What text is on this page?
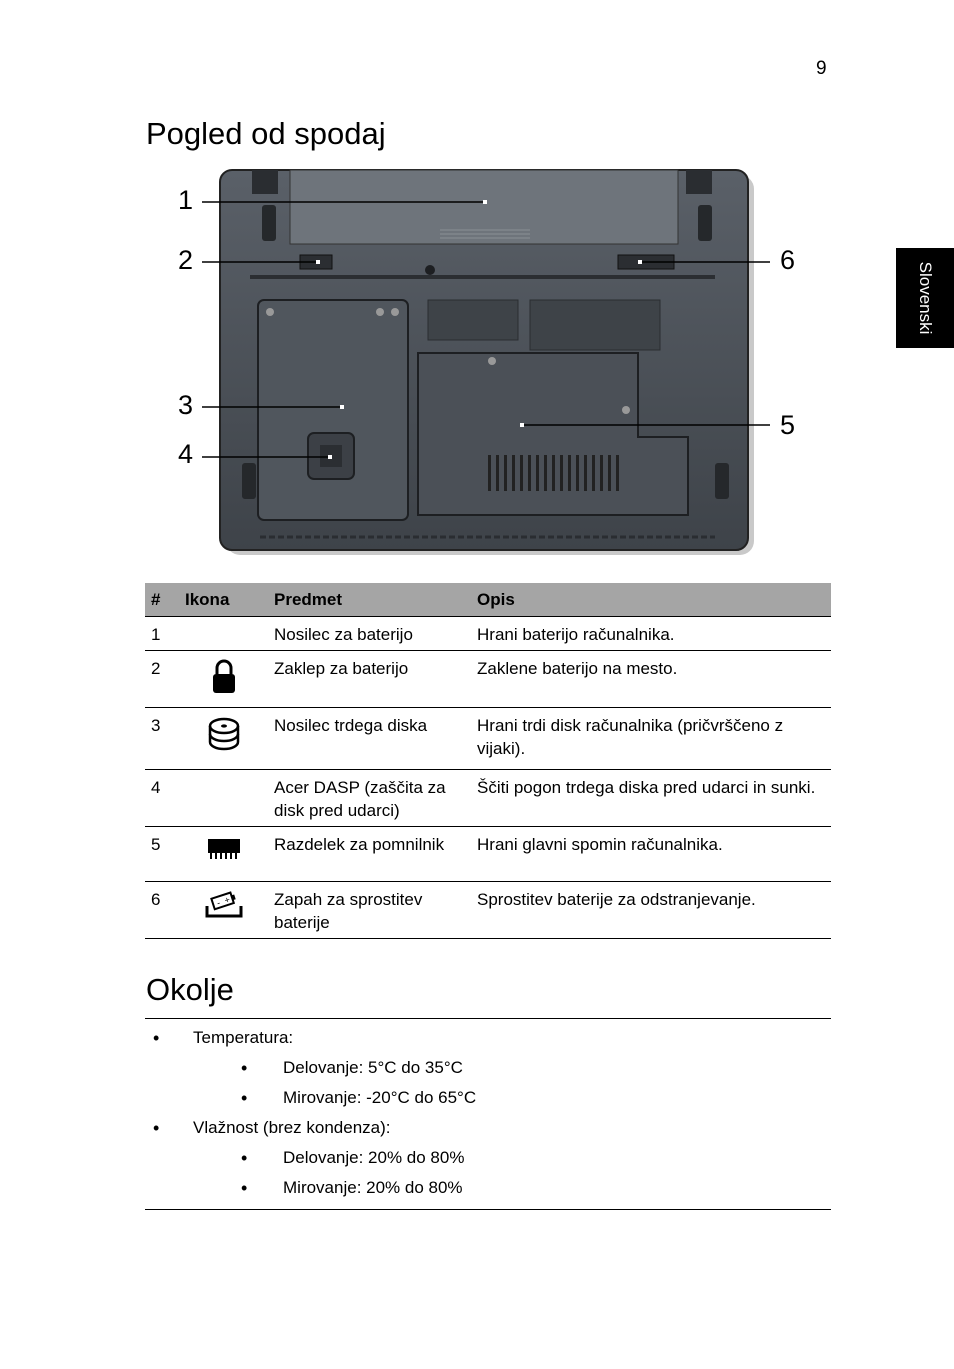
9
Pogled od spodaj
Slovenski
1
2
3
4
5
6
#	Ikona	Predmet	Opis
1		Nosilec za baterijo	Hrani baterijo računalnika.
2		Zaklep za baterijo	Zaklene baterijo na mesto.
3		Nosilec trdega diska	Hrani trdi disk računalnika (pričvrščeno z vijaki).
4		Acer DASP (zaščita za disk pred udarci)	Ščiti pogon trdega diska pred udarci in sunki.
5		Razdelek za pomnilnik	Hrani glavni spomin računalnika.
6	- +	Zapah za sprostitev baterije	Sprostitev baterije za odstranjevanje.
Okolje
• Temperatura:
• Delovanje: 5°C do 35°C
• Mirovanje: -20°C do 65°C
• Vlažnost (brez kondenza):
• Delovanje: 20% do 80%
• Mirovanje: 20% do 80%
